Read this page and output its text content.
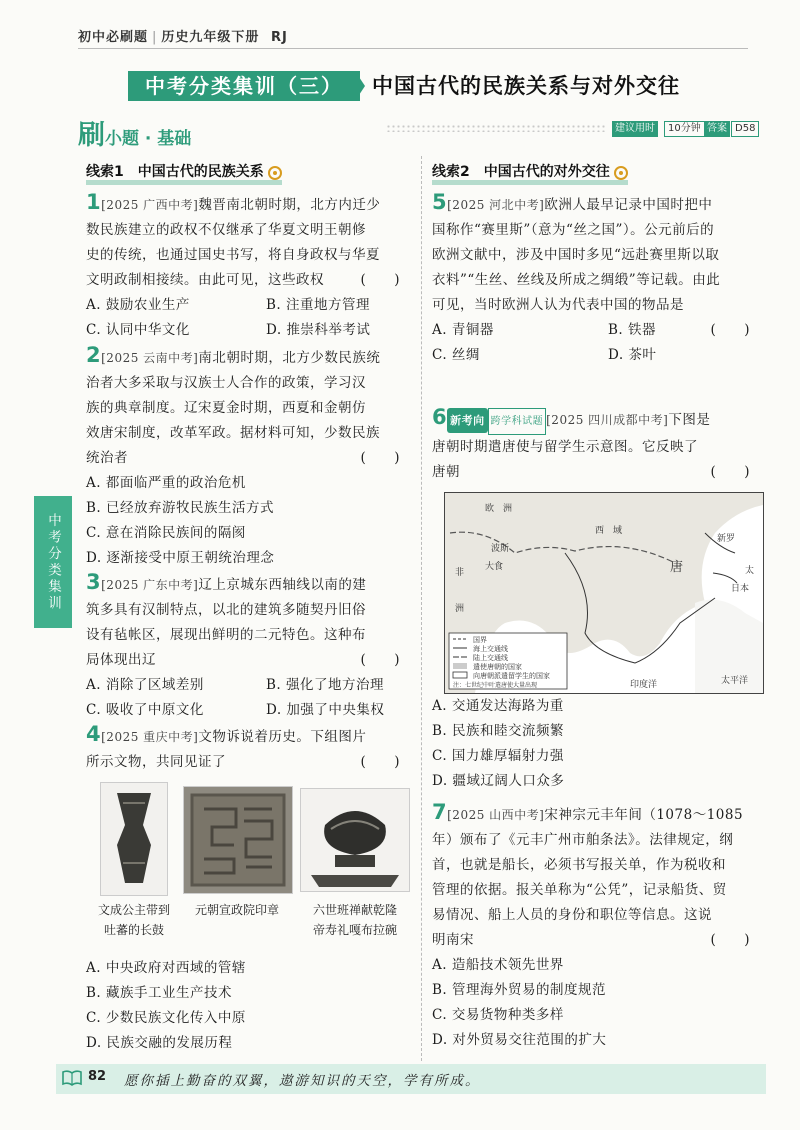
初中必刷题 | 历史九年级下册 RJ
中考分类集训（三）	中国古代的民族关系与对外交往
刷小题 · 基础
建议用时	10分钟 答案 D58
中考分类集训
线索1　中国古代的民族关系
1[2025 广西中考]魏晋南北朝时期，北方内迁少
数民族建立的政权不仅继承了华夏文明王朝修
史的传统，也通过国史书写，将自身政权与华夏
文明政制相接续。由此可见，这些政权	(　　)
A. 鼓励农业生产	B. 注重地方管理
C. 认同中华文化	D. 推崇科举考试
2[2025 云南中考]南北朝时期，北方少数民族统
治者大多采取与汉族士人合作的政策，学习汉
族的典章制度。辽宋夏金时期，西夏和金朝仿
效唐宋制度，改革军政。据材料可知，少数民族
统治者	(　　)
A. 都面临严重的政治危机
B. 已经放弃游牧民族生活方式
C. 意在消除民族间的隔阂
D. 逐渐接受中原王朝统治理念
3[2025 广东中考]辽上京城东西轴线以南的建
筑多具有汉制特点，以北的建筑多随契丹旧俗
设有毡帐区，展现出鲜明的二元特色。这种布
局体现出辽	(　　)
A. 消除了区域差别	B. 强化了地方治理
C. 吸收了中原文化	D. 加强了中央集权
4[2025 重庆中考]文物诉说着历史。下组图片
所示文物，共同见证了	(　　)
文成公主带到
吐蕃的长鼓
元朝宣政院印章	六世班禅献乾隆
帝寿礼嘎布拉碗
A. 中央政府对西域的管辖
B. 藏族手工业生产技术
C. 少数民族文化传入中原
D. 民族交融的发展历程
线索2　中国古代的对外交往
5[2025 河北中考]欧洲人最早记录中国时把中
国称作“赛里斯”（意为“丝之国”）。公元前后的
欧洲文献中，涉及中国时多见“远赴赛里斯以取
衣料”“生丝、丝线及所成之绸缎”等记载。由此
可见，当时欧洲人认为代表中国的物品是
(　　)
A. 青铜器	B. 铁器
C. 丝绸	D. 茶叶
6 新考向 跨学科试题 [2025 四川成都中考]下图是
唐朝时期遣唐使与留学生示意图。它反映了
唐朝	(　　)
欧　洲
西　域
唐	太
非
洲
波斯
大食
新罗
日本
太平洋
印度洋
国界
海上交通线
陆上交通线
遣使唐朝的国家
向唐朝派遣留学生的国家
注：七世纪中叶遣唐使大量出现
A. 交通发达海路为重
B. 民族和睦交流频繁
C. 国力雄厚辐射力强
D. 疆域辽阔人口众多
7[2025 山西中考]宋神宗元丰年间（1078～1085
年）颁布了《元丰广州市舶条法》。法律规定，纲
首，也就是船长，必须书写报关单，作为税收和
管理的依据。报关单称为“公凭”，记录船货、贸
易情况、船上人员的身份和职位等信息。这说
明南宋	(　　)
A. 造船技术领先世界
B. 管理海外贸易的制度规范
C. 交易货物种类多样
D. 对外贸易交往范围的扩大
82 愿你插上勤奋的双翼，遨游知识的天空，学有所成。
